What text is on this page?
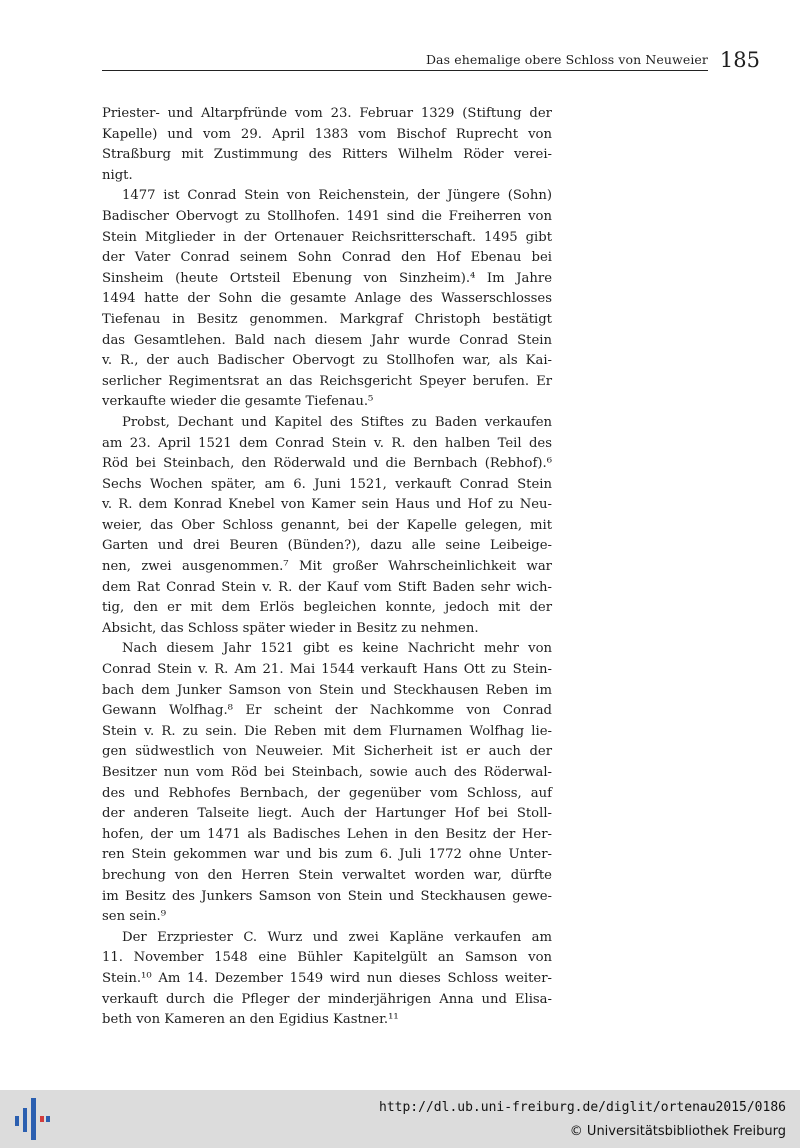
Das ehemalige obere Schloss von Neuweier 185
Priester- und Altarpfründe vom 23. Februar 1329 (Stiftung der
Kapelle) und vom 29. April 1383 vom Bischof Ruprecht von
Straßburg mit Zustimmung des Ritters Wilhelm Röder verei-
nigt.
1477 ist Conrad Stein von Reichenstein, der Jüngere (Sohn)
Badischer Obervogt zu Stollhofen. 1491 sind die Freiherren von
Stein Mitglieder in der Ortenauer Reichsritterschaft. 1495 gibt
der Vater Conrad seinem Sohn Conrad den Hof Ebenau bei
Sinsheim (heute Ortsteil Ebenung von Sinzheim).⁴ Im Jahre
1494 hatte der Sohn die gesamte Anlage des Wasserschlosses
Tiefenau in Besitz genommen. Markgraf Christoph bestätigt
das Gesamtlehen. Bald nach diesem Jahr wurde Conrad Stein
v. R., der auch Badischer Obervogt zu Stollhofen war, als Kai-
serlicher Regimentsrat an das Reichsgericht Speyer berufen. Er
verkaufte wieder die gesamte Tiefenau.⁵
Probst, Dechant und Kapitel des Stiftes zu Baden verkaufen
am 23. April 1521 dem Conrad Stein v. R. den halben Teil des
Röd bei Steinbach, den Röderwald und die Bernbach (Rebhof).⁶
Sechs Wochen später, am 6. Juni 1521, verkauft Conrad Stein
v. R. dem Konrad Knebel von Kamer sein Haus und Hof zu Neu-
weier, das Ober Schloss genannt, bei der Kapelle gelegen, mit
Garten und drei Beuren (Bünden?), dazu alle seine Leibeige-
nen, zwei ausgenommen.⁷ Mit großer Wahrscheinlichkeit war
dem Rat Conrad Stein v. R. der Kauf vom Stift Baden sehr wich-
tig, den er mit dem Erlös begleichen konnte, jedoch mit der
Absicht, das Schloss später wieder in Besitz zu nehmen.
Nach diesem Jahr 1521 gibt es keine Nachricht mehr von
Conrad Stein v. R. Am 21. Mai 1544 verkauft Hans Ott zu Stein-
bach dem Junker Samson von Stein und Steckhausen Reben im
Gewann Wolfhag.⁸ Er scheint der Nachkomme von Conrad
Stein v. R. zu sein. Die Reben mit dem Flurnamen Wolfhag lie-
gen südwestlich von Neuweier. Mit Sicherheit ist er auch der
Besitzer nun vom Röd bei Steinbach, sowie auch des Röderwal-
des und Rebhofes Bernbach, der gegenüber vom Schloss, auf
der anderen Talseite liegt. Auch der Hartunger Hof bei Stoll-
hofen, der um 1471 als Badisches Lehen in den Besitz der Her-
ren Stein gekommen war und bis zum 6. Juli 1772 ohne Unter-
brechung von den Herren Stein verwaltet worden war, dürfte
im Besitz des Junkers Samson von Stein und Steckhausen gewe-
sen sein.⁹
Der Erzpriester C. Wurz und zwei Kapläne verkaufen am
11. November 1548 eine Bühler Kapitelgült an Samson von
Stein.¹⁰ Am 14. Dezember 1549 wird nun dieses Schloss weiter-
verkauft durch die Pfleger der minderjährigen Anna und Elisa-
beth von Kameren an den Egidius Kastner.¹¹
http://dl.ub.uni-freiburg.de/diglit/ortenau2015/0186
© Universitätsbibliothek Freiburg
